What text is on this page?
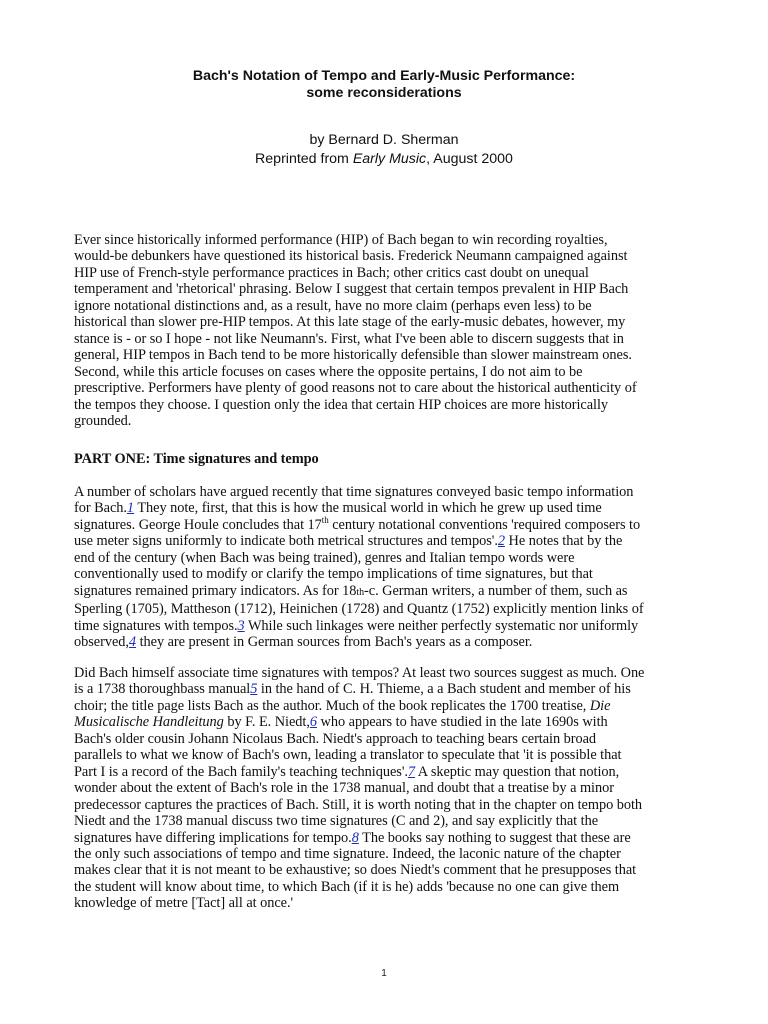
Bach's Notation of Tempo and Early-Music Performance:
some reconsiderations
by Bernard D. Sherman
Reprinted from Early Music, August 2000
Ever since historically informed performance (HIP) of Bach began to win recording royalties,
would-be debunkers have questioned its historical basis. Frederick Neumann campaigned against
HIP use of French-style performance practices in Bach; other critics cast doubt on unequal
temperament and 'rhetorical' phrasing. Below I suggest that certain tempos prevalent in HIP Bach
ignore notational distinctions and, as a result, have no more claim (perhaps even less) to be
historical than slower pre-HIP tempos. At this late stage of the early-music debates, however, my
stance is - or so I hope - not like Neumann's. First, what I've been able to discern suggests that in
general, HIP tempos in Bach tend to be more historically defensible than slower mainstream ones.
Second, while this article focuses on cases where the opposite pertains, I do not aim to be
prescriptive. Performers have plenty of good reasons not to care about the historical authenticity of
the tempos they choose. I question only the idea that certain HIP choices are more historically
grounded.
PART ONE: Time signatures and tempo
A number of scholars have argued recently that time signatures conveyed basic tempo information
for Bach.1 They note, first, that this is how the musical world in which he grew up used time
signatures. George Houle concludes that 17th century notational conventions 'required composers to
use meter signs uniformly to indicate both metrical structures and tempos'.2 He notes that by the
end of the century (when Bach was being trained), genres and Italian tempo words were
conventionally used to modify or clarify the tempo implications of time signatures, but that
signatures remained primary indicators. As for 18th-c. German writers, a number of them, such as
Sperling (1705), Mattheson (1712), Heinichen (1728) and Quantz (1752) explicitly mention links of
time signatures with tempos.3 While such linkages were neither perfectly systematic nor uniformly
observed,4 they are present in German sources from Bach's years as a composer.
Did Bach himself associate time signatures with tempos? At least two sources suggest as much. One
is a 1738 thoroughbass manual5 in the hand of C. H. Thieme, a a Bach student and member of his
choir; the title page lists Bach as the author. Much of the book replicates the 1700 treatise, Die
Musicalische Handleitung by F. E. Niedt,6 who appears to have studied in the late 1690s with
Bach's older cousin Johann Nicolaus Bach. Niedt's approach to teaching bears certain broad
parallels to what we know of Bach's own, leading a translator to speculate that 'it is possible that
Part I is a record of the Bach family's teaching techniques'.7 A skeptic may question that notion,
wonder about the extent of Bach's role in the 1738 manual, and doubt that a treatise by a minor
predecessor captures the practices of Bach. Still, it is worth noting that in the chapter on tempo both
Niedt and the 1738 manual discuss two time signatures (C and 2), and say explicitly that the
signatures have differing implications for tempo.8 The books say nothing to suggest that these are
the only such associations of tempo and time signature. Indeed, the laconic nature of the chapter
makes clear that it is not meant to be exhaustive; so does Niedt's comment that he presupposes that
the student will know about time, to which Bach (if it is he) adds 'because no one can give them
knowledge of metre [Tact] all at once.'
1
